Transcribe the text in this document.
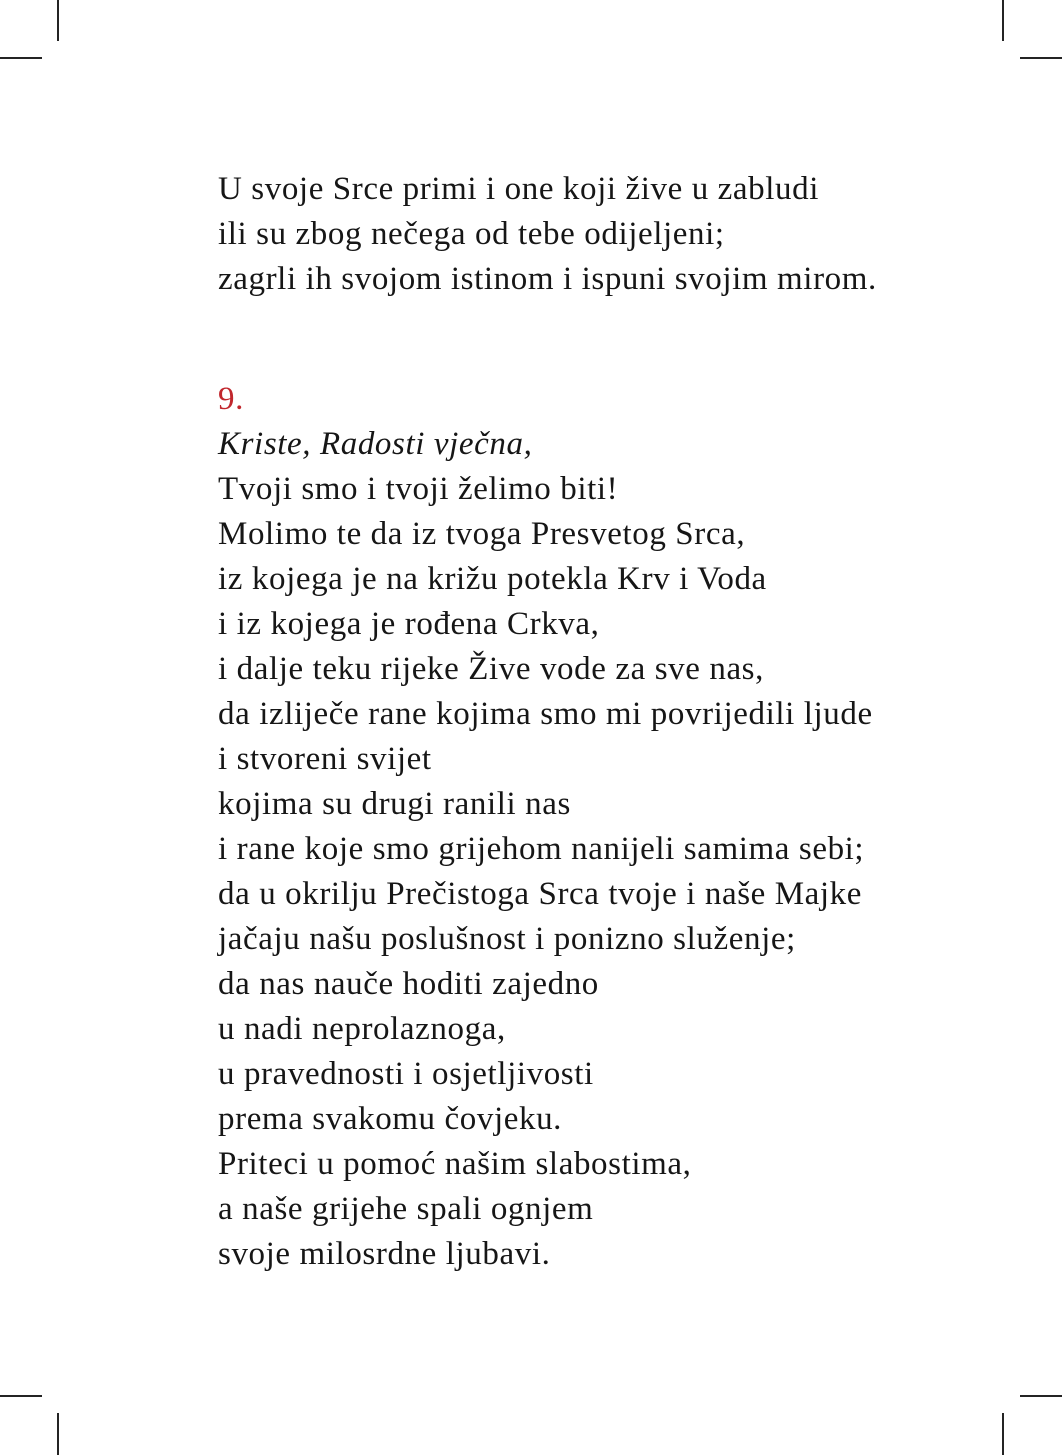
U svoje Srce primi i one koji žive u zabludi
ili su zbog nečega od tebe odijeljeni;
zagrli ih svojom istinom i ispuni svojim mirom.
9.
Kriste, Radosti vječna,
Tvoji smo i tvoji želimo biti!
Molimo te da iz tvoga Presvetog Srca,
iz kojega je na križu potekla Krv i Voda
i iz kojega je rođena Crkva,
i dalje teku rijeke Žive vode za sve nas,
da izliječe rane kojima smo mi povrijedili ljude
i stvoreni svijet
kojima su drugi ranili nas
i rane koje smo grijehom nanijeli samima sebi;
da u okrilju Prečistoga Srca tvoje i naše Majke
jačaju našu poslušnost i ponizno služenje;
da nas nauče hoditi zajedno
u nadi neprolaznoga,
u pravednosti i osjetljivosti
prema svakomu čovjeku.
Priteci u pomoć našim slabostima,
a naše grijehe spali ognjem
svoje milosrdne ljubavi.
